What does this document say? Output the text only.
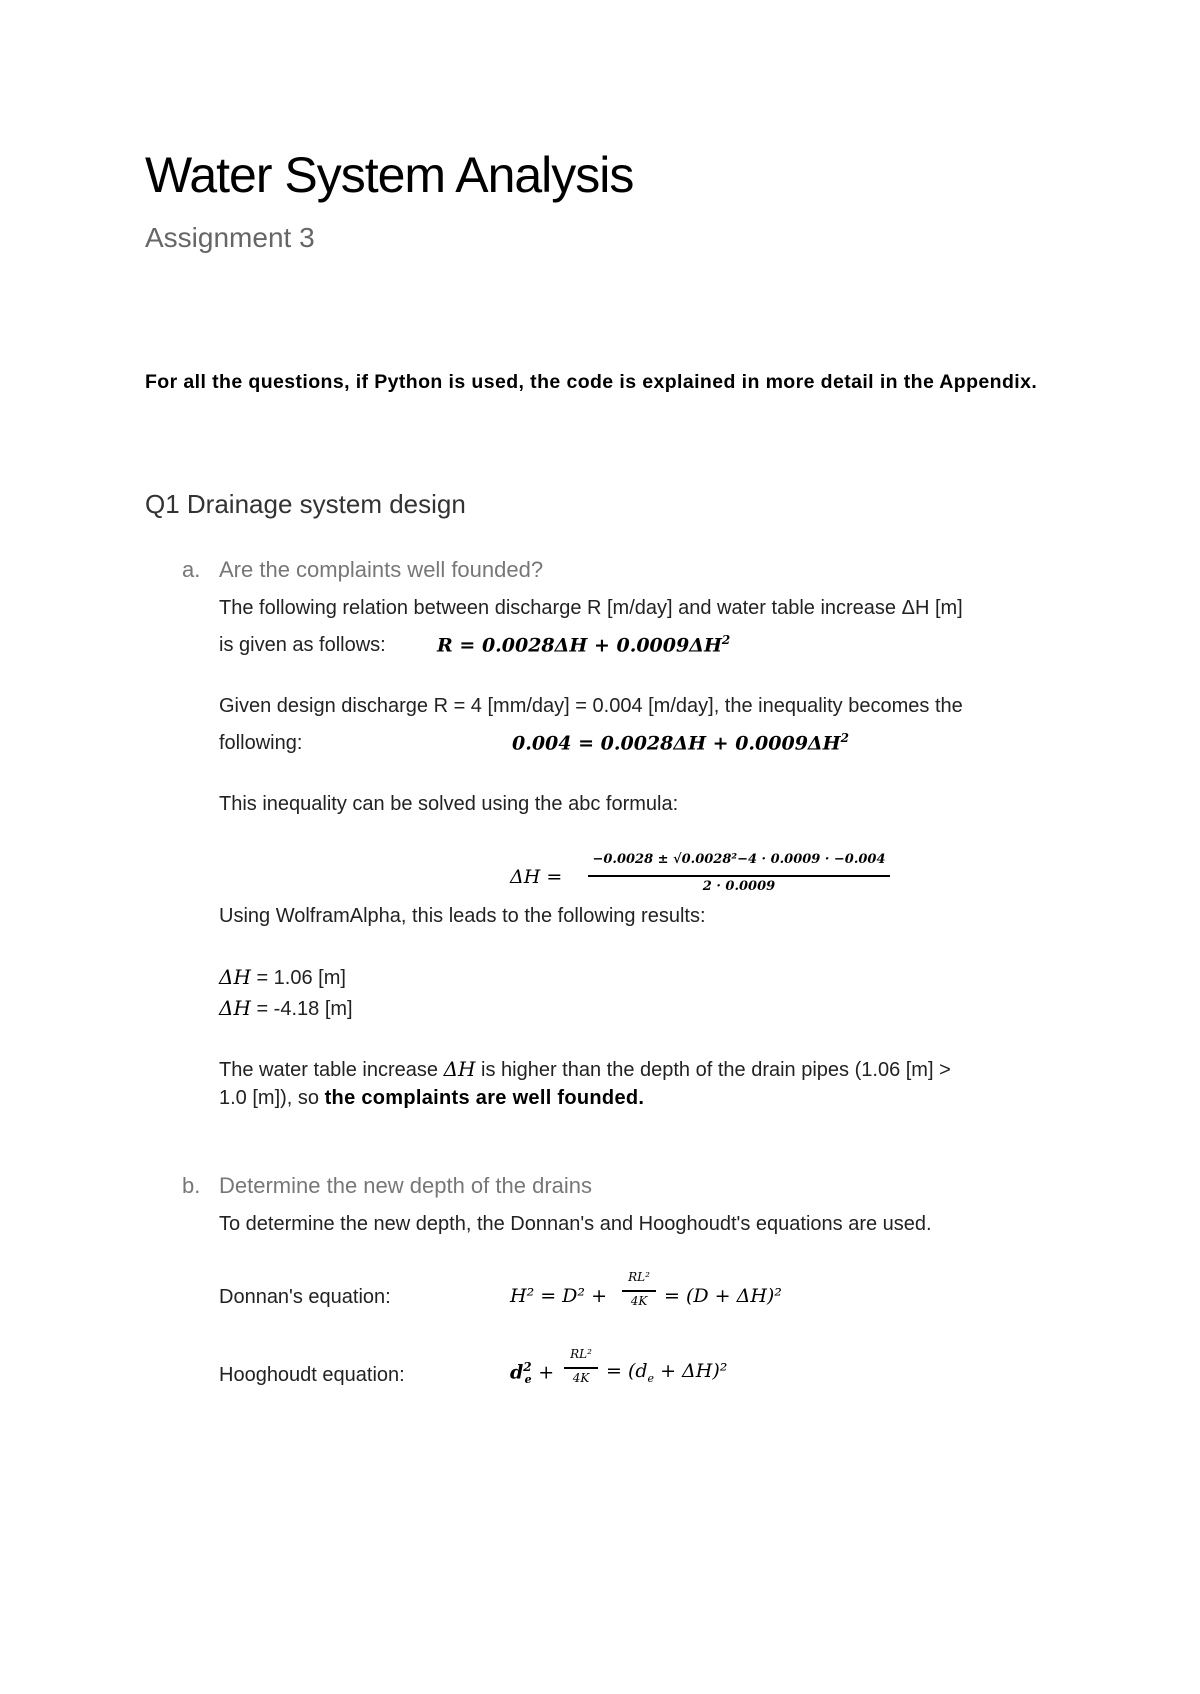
Water System Analysis
Assignment 3
For all the questions, if Python is used, the code is explained in more detail in the Appendix.
Q1 Drainage system design
a. Are the complaints well founded?
The following relation between discharge R [m/day] and water table increase ΔH [m]
is given as follows:	$R = 0.0028\Delta H + 0.0009\Delta H^2$
Given design discharge R = 4 [mm/day] = 0.004 [m/day], the inequality becomes the
following:	$0.004 = 0.0028\Delta H + 0.0009\Delta H^2$
This inequality can be solved using the abc formula:
ΔH =
−0.0028 ± √0.0028²−4 · 0.0009 · −0.004
2 · 0.0009
Using WolframAlpha, this leads to the following results:
ΔH = 1.06 [m]
ΔH = -4.18 [m]
The water table increase ΔH is higher than the depth of the drain pipes (1.06 [m] >
1.0 [m]), so the complaints are well founded.
b. Determine the new depth of the drains
To determine the new depth, the Donnan's and Hooghoudt's equations are used.
Donnan's equation:	H² = D² +
RL²
4K = (D + ΔH)²
Hooghoudt equation:	$d^2_e$ +
RL²
$4K = (d_e + \Delta H)^2$
